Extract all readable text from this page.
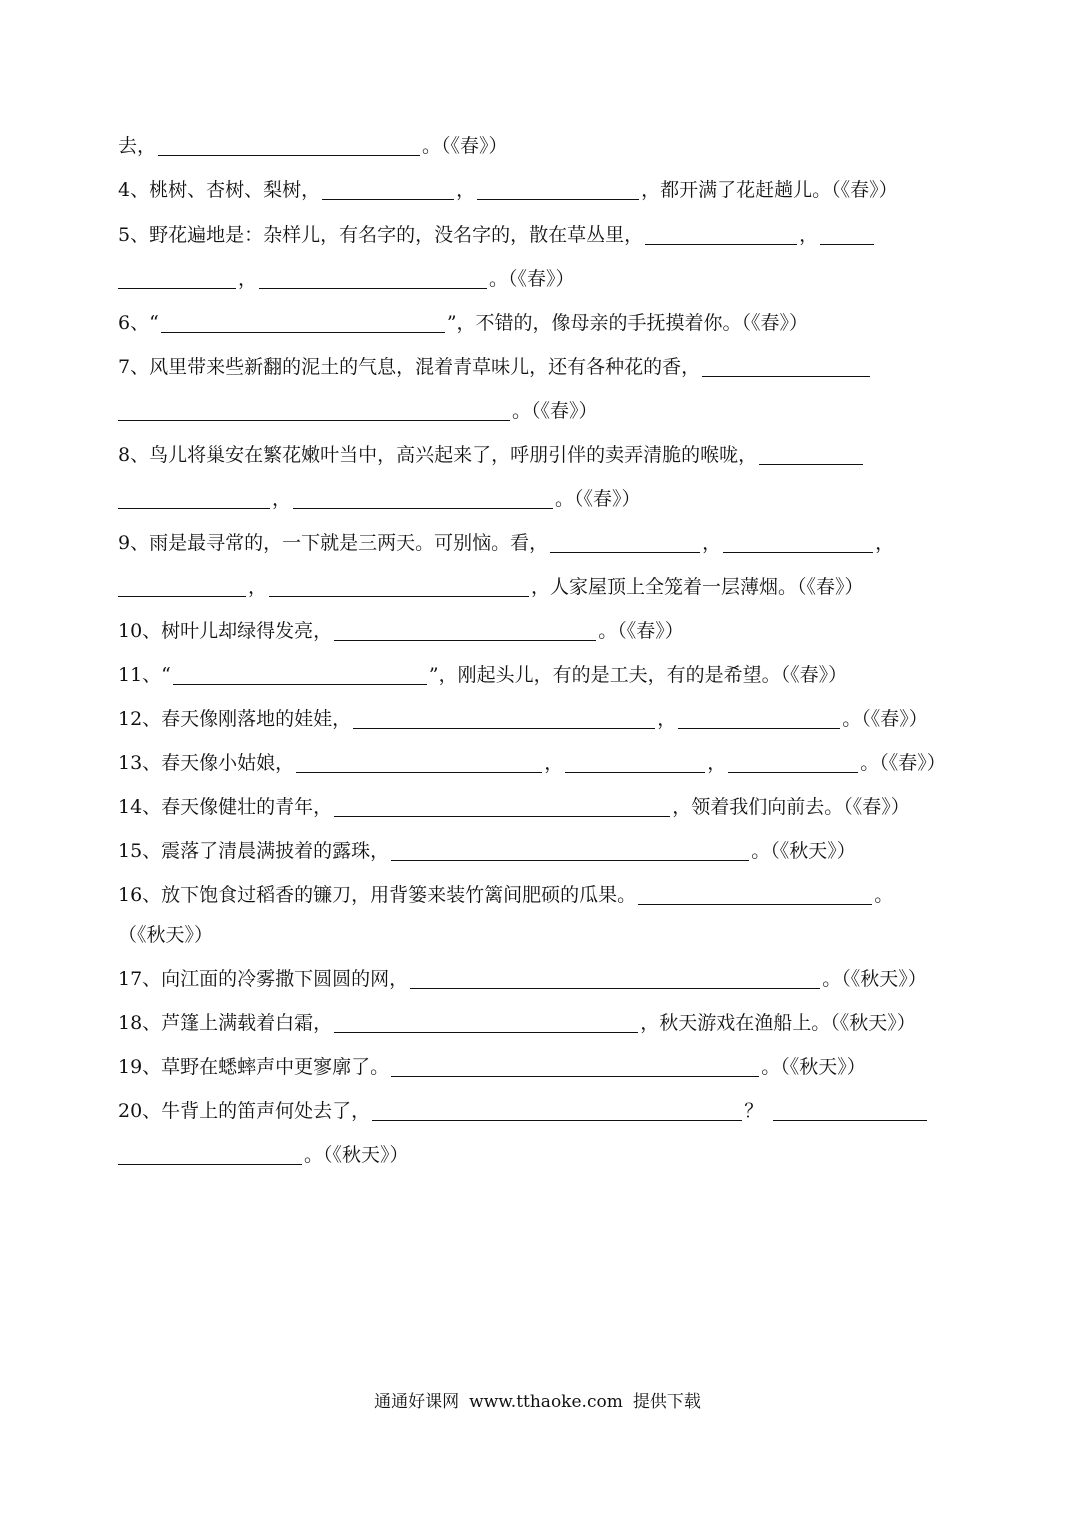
去，	。（《春》）
4、桃树、杏树、梨树，	，	，都开满了花赶趟儿。（《春》）
5、野花遍地是：杂样儿，有名字的，没名字的，散在草丛里，	，
，	。（《春》）
6、“	”，不错的，像母亲的手抚摸着你。（《春》）
7、风里带来些新翻的泥土的气息，混着青草味儿，还有各种花的香，
。（《春》）
8、鸟儿将巢安在繁花嫩叶当中，高兴起来了，呼朋引伴的卖弄清脆的喉咙，
，	。（《春》）
9、雨是最寻常的，一下就是三两天。可别恼。看，	，	，
，	，人家屋顶上全笼着一层薄烟。（《春》）
10、树叶儿却绿得发亮，	。（《春》）
11、“	”，刚起头儿，有的是工夫，有的是希望。（《春》）
12、春天像刚落地的娃娃，	，	。（《春》）
13、春天像小姑娘，	，	，	。（《春》）
14、春天像健壮的青年，	，领着我们向前去。（《春》）
15、震落了清晨满披着的露珠，	。（《秋天》）
16、放下饱食过稻香的镰刀，用背篓来装竹篱间肥硕的瓜果。	。
（《秋天》）
17、向江面的冷雾撒下圆圆的网，	。（《秋天》）
18、芦篷上满载着白霜，	，秋天游戏在渔船上。（《秋天》）
19、草野在蟋蟀声中更寥廓了。	。（《秋天》）
20、牛背上的笛声何处去了，	？
。（《秋天》）
通通好课网 www.tthaoke.com 提供下载
